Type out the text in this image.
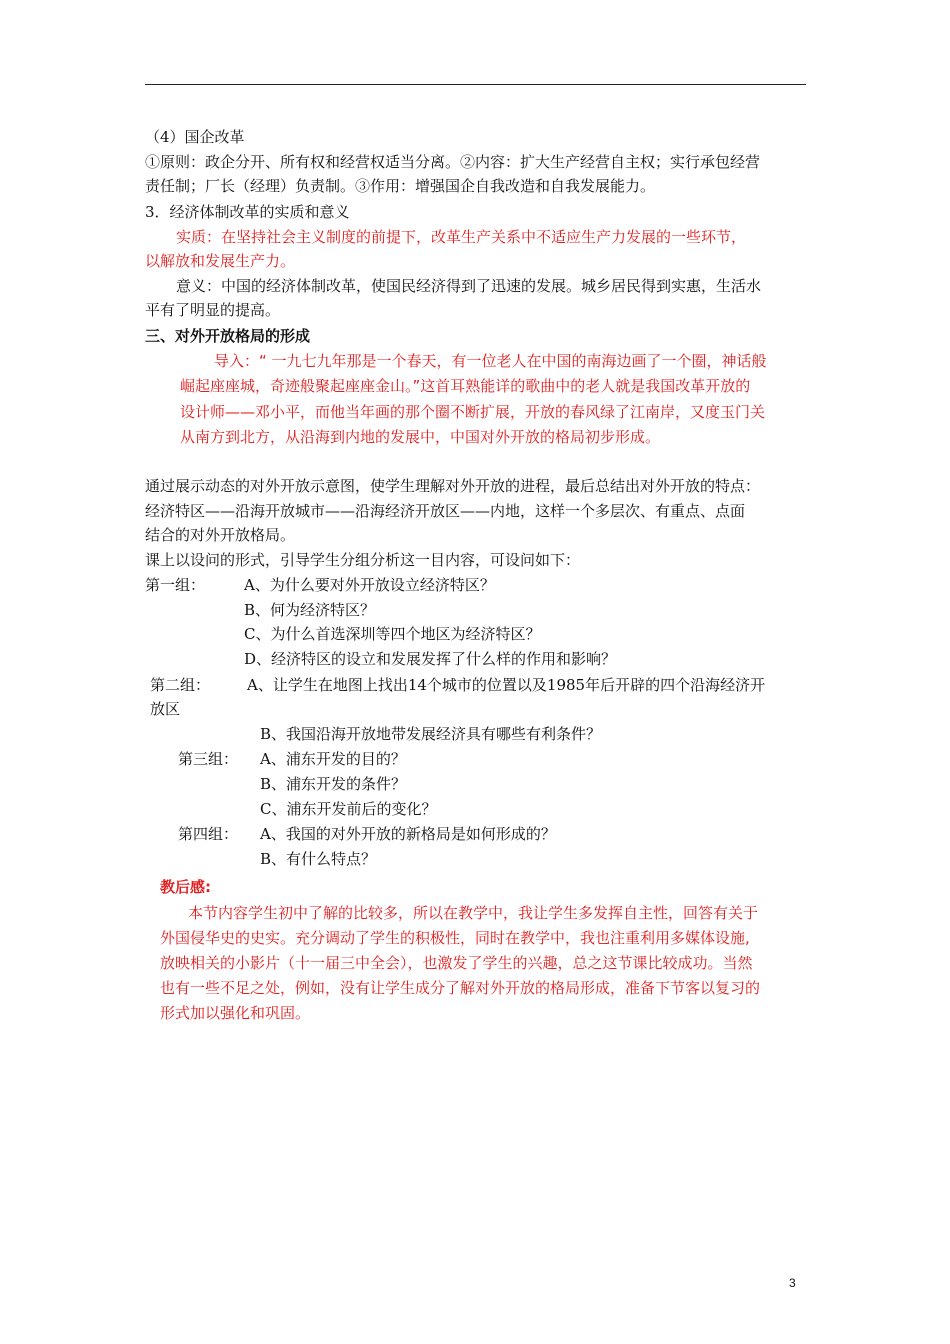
（4）国企改革
①原则：政企分开、所有权和经营权适当分离。②内容：扩大生产经营自主权；实行承包经营
责任制；厂长（经理）负责制。③作用：增强国企自我改造和自我发展能力。
3．经济体制改革的实质和意义
实质：在坚持社会主义制度的前提下，改革生产关系中不适应生产力发展的一些环节，
以解放和发展生产力。
意义：中国的经济体制改革，使国民经济得到了迅速的发展。城乡居民得到实惠，生活水
平有了明显的提高。
三、对外开放格局的形成
导入：“ 一九七九年那是一个春天，有一位老人在中国的南海边画了一个圈，神话般
崛起座座城，奇迹般聚起座座金山。”这首耳熟能详的歌曲中的老人就是我国改革开放的
设计师——邓小平，而他当年画的那个圈不断扩展，开放的春风绿了江南岸，又度玉门关
从南方到北方，从沿海到内地的发展中，中国对外开放的格局初步形成。
通过展示动态的对外开放示意图，使学生理解对外开放的进程，最后总结出对外开放的特点：
经济特区——沿海开放城市——沿海经济开放区——内地，这样一个多层次、有重点、点面
结合的对外开放格局。
课上以设问的形式，引导学生分组分析这一目内容，可设问如下：
第一组：	A、为什么要对外开放设立经济特区？
B、何为经济特区？
C、为什么首选深圳等四个地区为经济特区？
D、经济特区的设立和发展发挥了什么样的作用和影响？
第二组： A、让学生在地图上找出14个城市的位置以及1985年后开辟的四个沿海经济开
放区
B、我国沿海开放地带发展经济具有哪些有利条件？
第三组： A、浦东开发的目的？
B、浦东开发的条件？
C、浦东开发前后的变化？
第四组： A、我国的对外开放的新格局是如何形成的？
B、有什么特点？
教后感:
本节内容学生初中了解的比较多，所以在教学中，我让学生多发挥自主性，回答有关于
外国侵华史的史实。充分调动了学生的积极性，同时在教学中，我也注重利用多媒体设施,
放映相关的小影片（十一届三中全会），也激发了学生的兴趣，总之这节课比较成功。当然
也有一些不足之处，例如，没有让学生成分了解对外开放的格局形成，准备下节客以复习的
形式加以强化和巩固。
3
